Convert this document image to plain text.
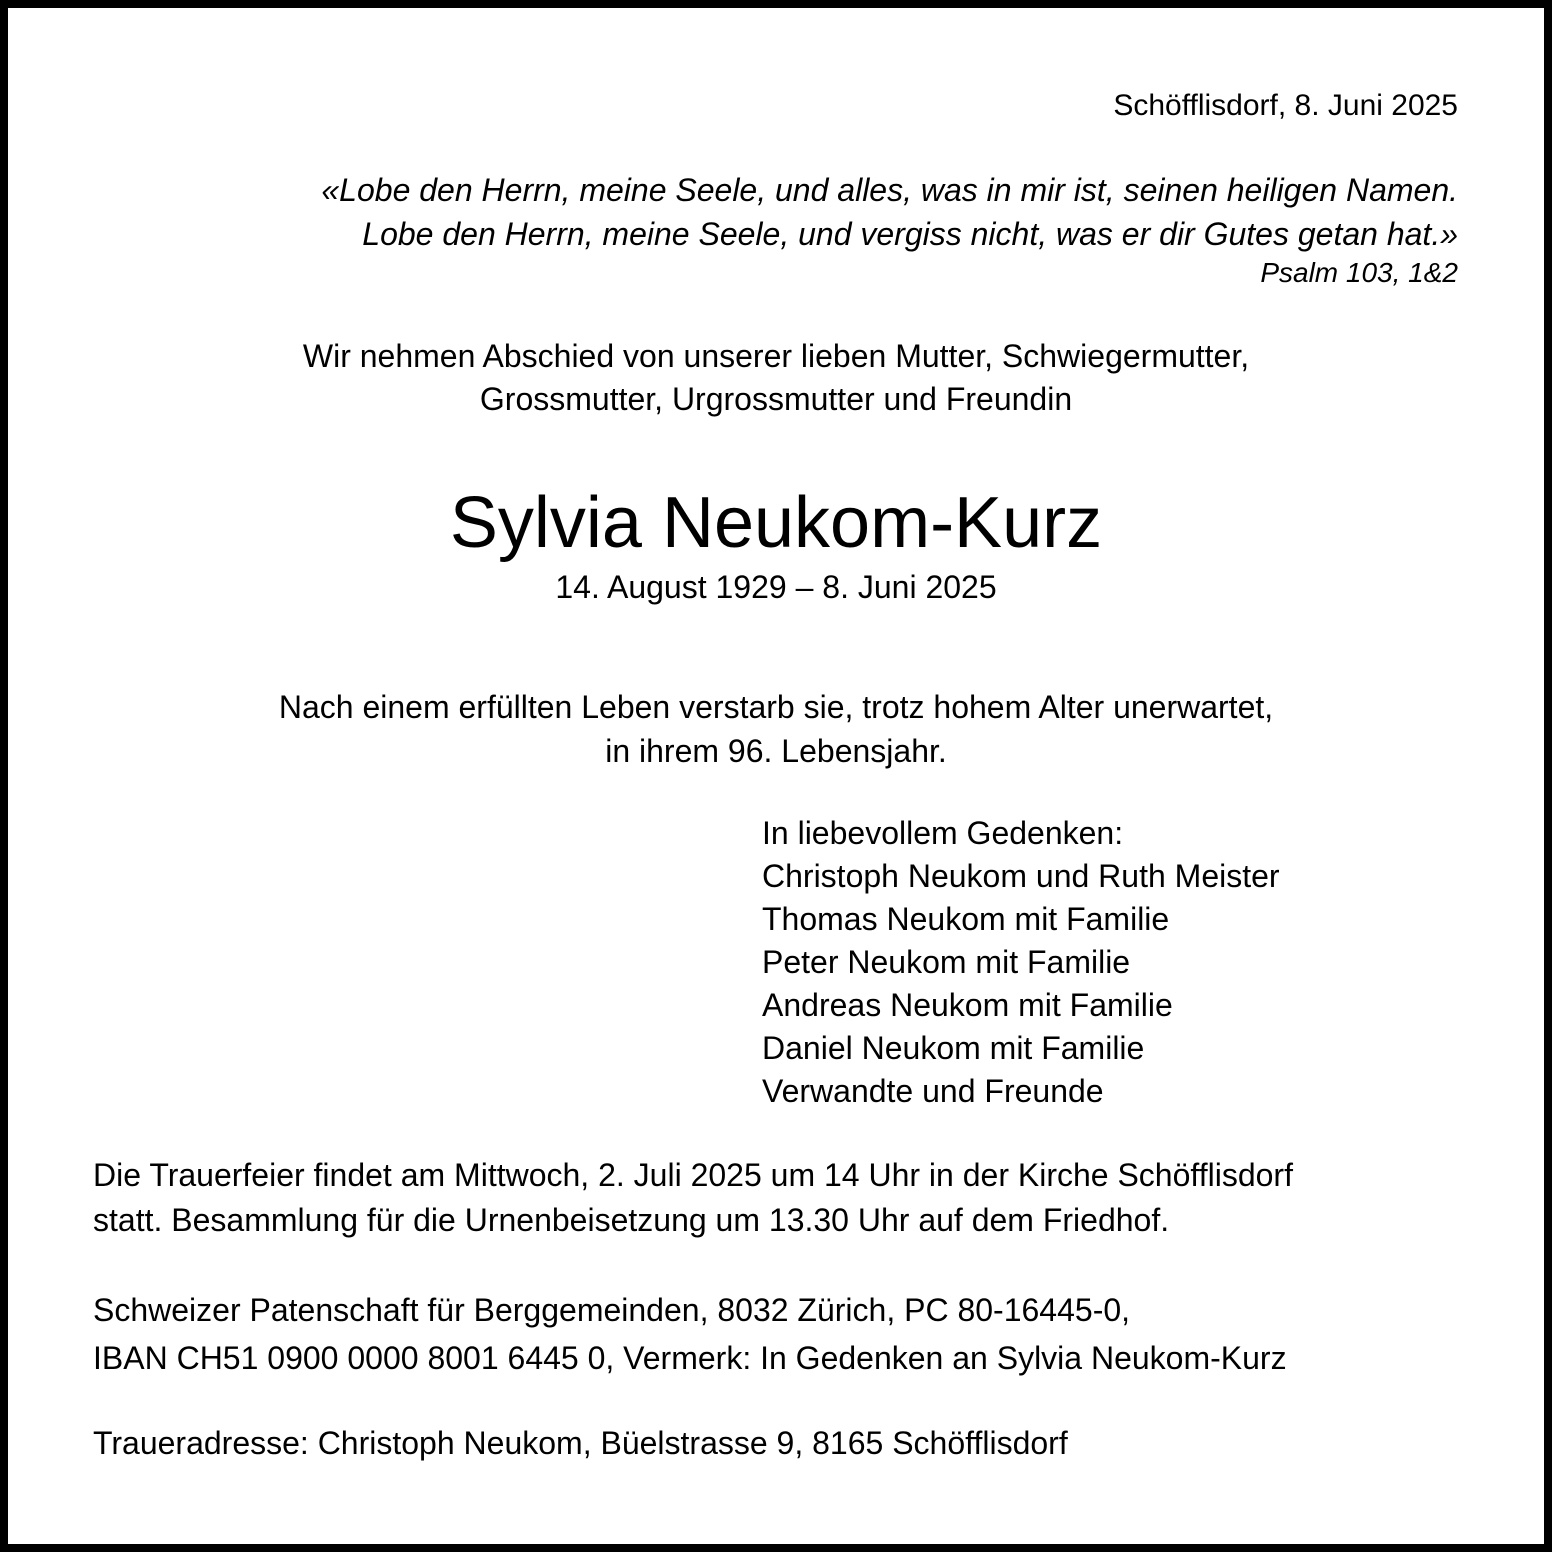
Schöfflisdorf, 8. Juni 2025
«Lobe den Herrn, meine Seele, und alles, was in mir ist, seinen heiligen Namen.
Lobe den Herrn, meine Seele, und vergiss nicht, was er dir Gutes getan hat.»
Psalm 103, 1&2
Wir nehmen Abschied von unserer lieben Mutter, Schwiegermutter,
Grossmutter, Urgrossmutter und Freundin
Sylvia Neukom-Kurz
14. August 1929 – 8. Juni 2025
Nach einem erfüllten Leben verstarb sie, trotz hohem Alter unerwartet,
in ihrem 96. Lebensjahr.
In liebevollem Gedenken:
Christoph Neukom und Ruth Meister
Thomas Neukom mit Familie
Peter Neukom mit Familie
Andreas Neukom mit Familie
Daniel Neukom mit Familie
Verwandte und Freunde
Die Trauerfeier findet am Mittwoch, 2. Juli 2025 um 14 Uhr in der Kirche Schöfflisdorf
statt. Besammlung für die Urnenbeisetzung um 13.30 Uhr auf dem Friedhof.
Schweizer Patenschaft für Berggemeinden, 8032 Zürich, PC 80-16445-0,
IBAN CH51 0900 0000 8001 6445 0, Vermerk: In Gedenken an Sylvia Neukom-Kurz
Traueradresse: Christoph Neukom, Büelstrasse 9, 8165 Schöfflisdorf
